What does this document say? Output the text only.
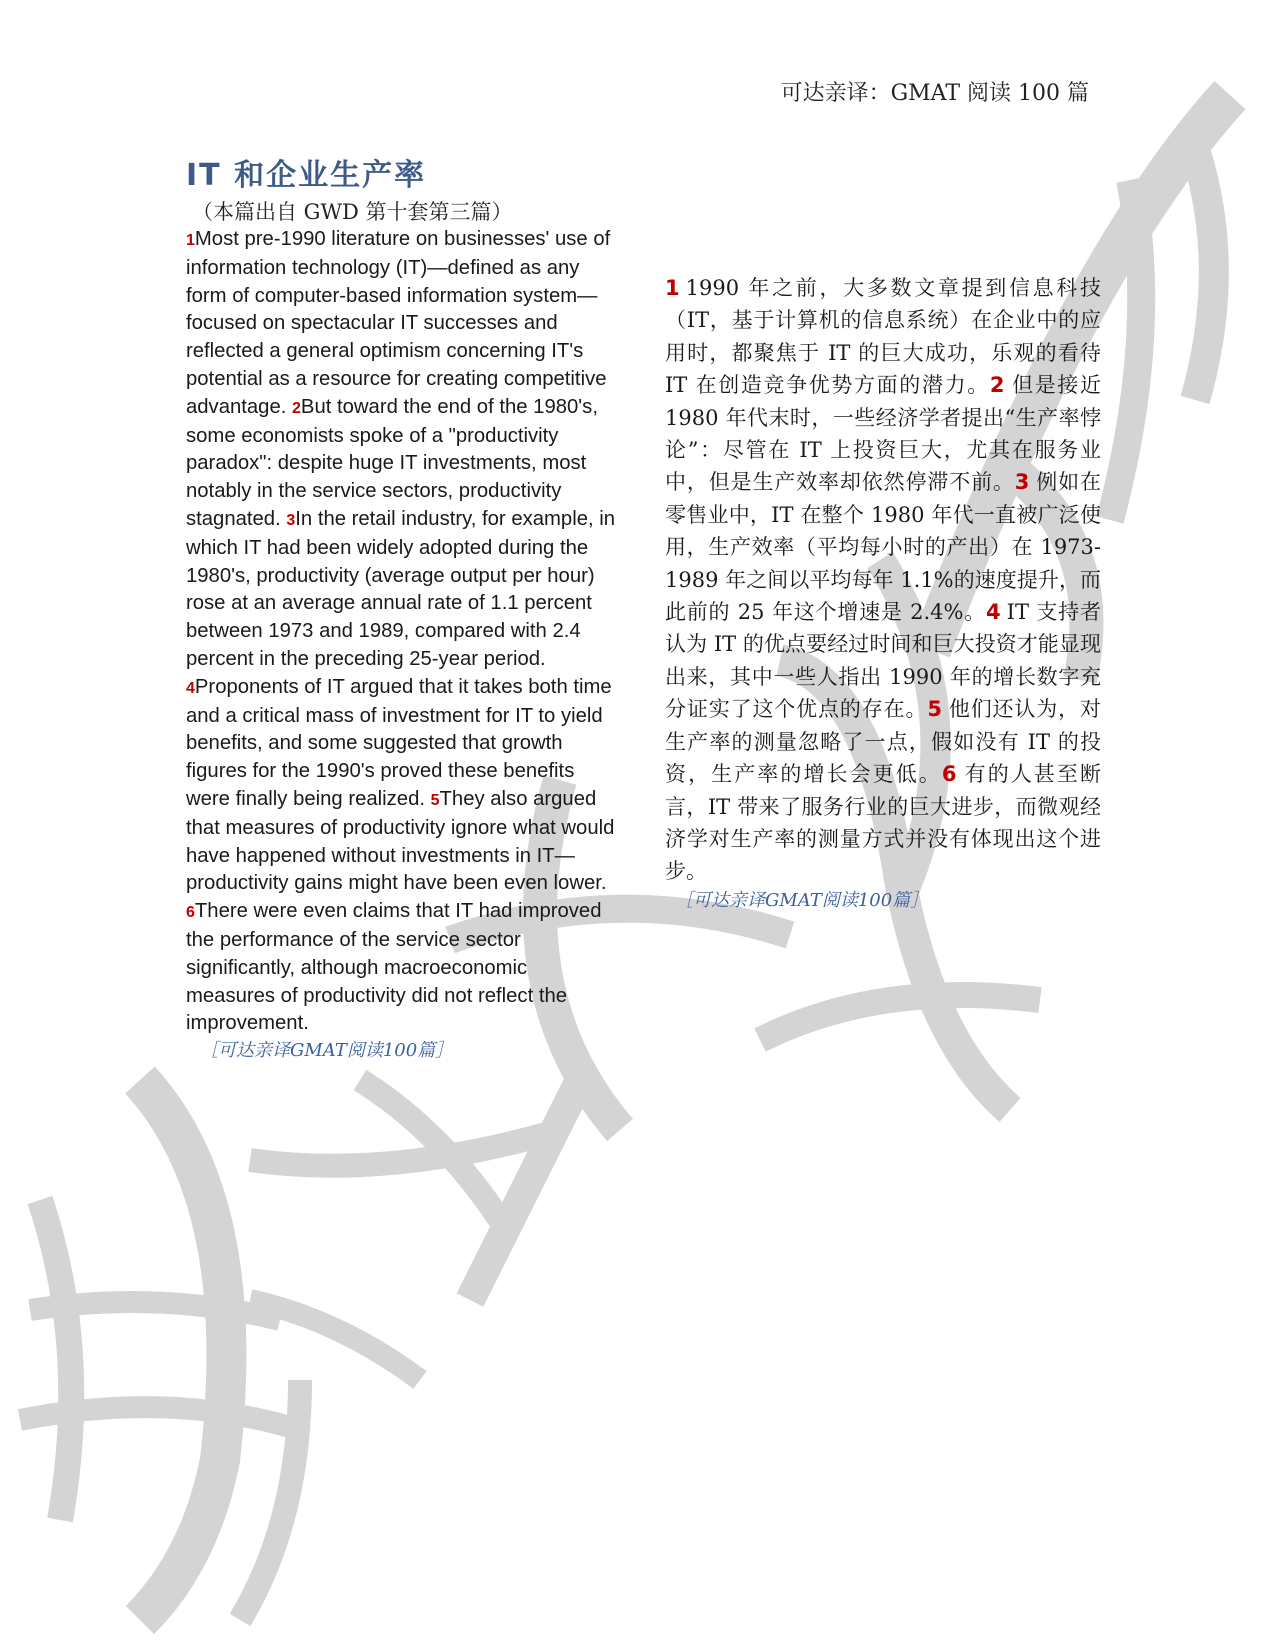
可达亲译：GMAT 阅读 100 篇
IT 和企业生产率
（本篇出自 GWD 第十套第三篇）
1Most pre-1990 literature on businesses' use of information technology (IT)—defined as any form of computer-based information system—focused on spectacular IT successes and reflected a general optimism concerning IT's potential as a resource for creating competitive advantage. 2But toward the end of the 1980's, some economists spoke of a "productivity paradox": despite huge IT investments, most notably in the service sectors, productivity stagnated. 3In the retail industry, for example, in which IT had been widely adopted during the 1980's, productivity (average output per hour) rose at an average annual rate of 1.1 percent between 1973 and 1989, compared with 2.4 percent in the preceding 25-year period. 4Proponents of IT argued that it takes both time and a critical mass of investment for IT to yield benefits, and some suggested that growth figures for the 1990's proved these benefits were finally being realized. 5They also argued that measures of productivity ignore what would have happened without investments in IT—productivity gains might have been even lower. 6There were even claims that IT had improved the performance of the service sector significantly, although macroeconomic measures of productivity did not reflect the improvement.
［可达亲译GMAT阅读100篇］
1 1990 年之前，大多数文章提到信息科技（IT，基于计算机的信息系统）在企业中的应用时，都聚焦于 IT 的巨大成功，乐观的看待 IT 在创造竞争优势方面的潜力。2 但是接近 1980 年代末时，一些经济学者提出“生产率悖论”：尽管在 IT 上投资巨大，尤其在服务业中，但是生产效率却依然停滞不前。3 例如在零售业中，IT 在整个 1980 年代一直被广泛使用，生产效率（平均每小时的产出）在 1973-1989 年之间以平均每年 1.1%的速度提升，而此前的 25 年这个增速是 2.4%。4 IT 支持者认为 IT 的优点要经过时间和巨大投资才能显现出来，其中一些人指出 1990 年的增长数字充分证实了这个优点的存在。5 他们还认为，对生产率的测量忽略了一点，假如没有 IT 的投资，生产率的增长会更低。6 有的人甚至断言，IT 带来了服务行业的巨大进步，而微观经济学对生产率的测量方式并没有体现出这个进步。
［可达亲译GMAT阅读100篇］
